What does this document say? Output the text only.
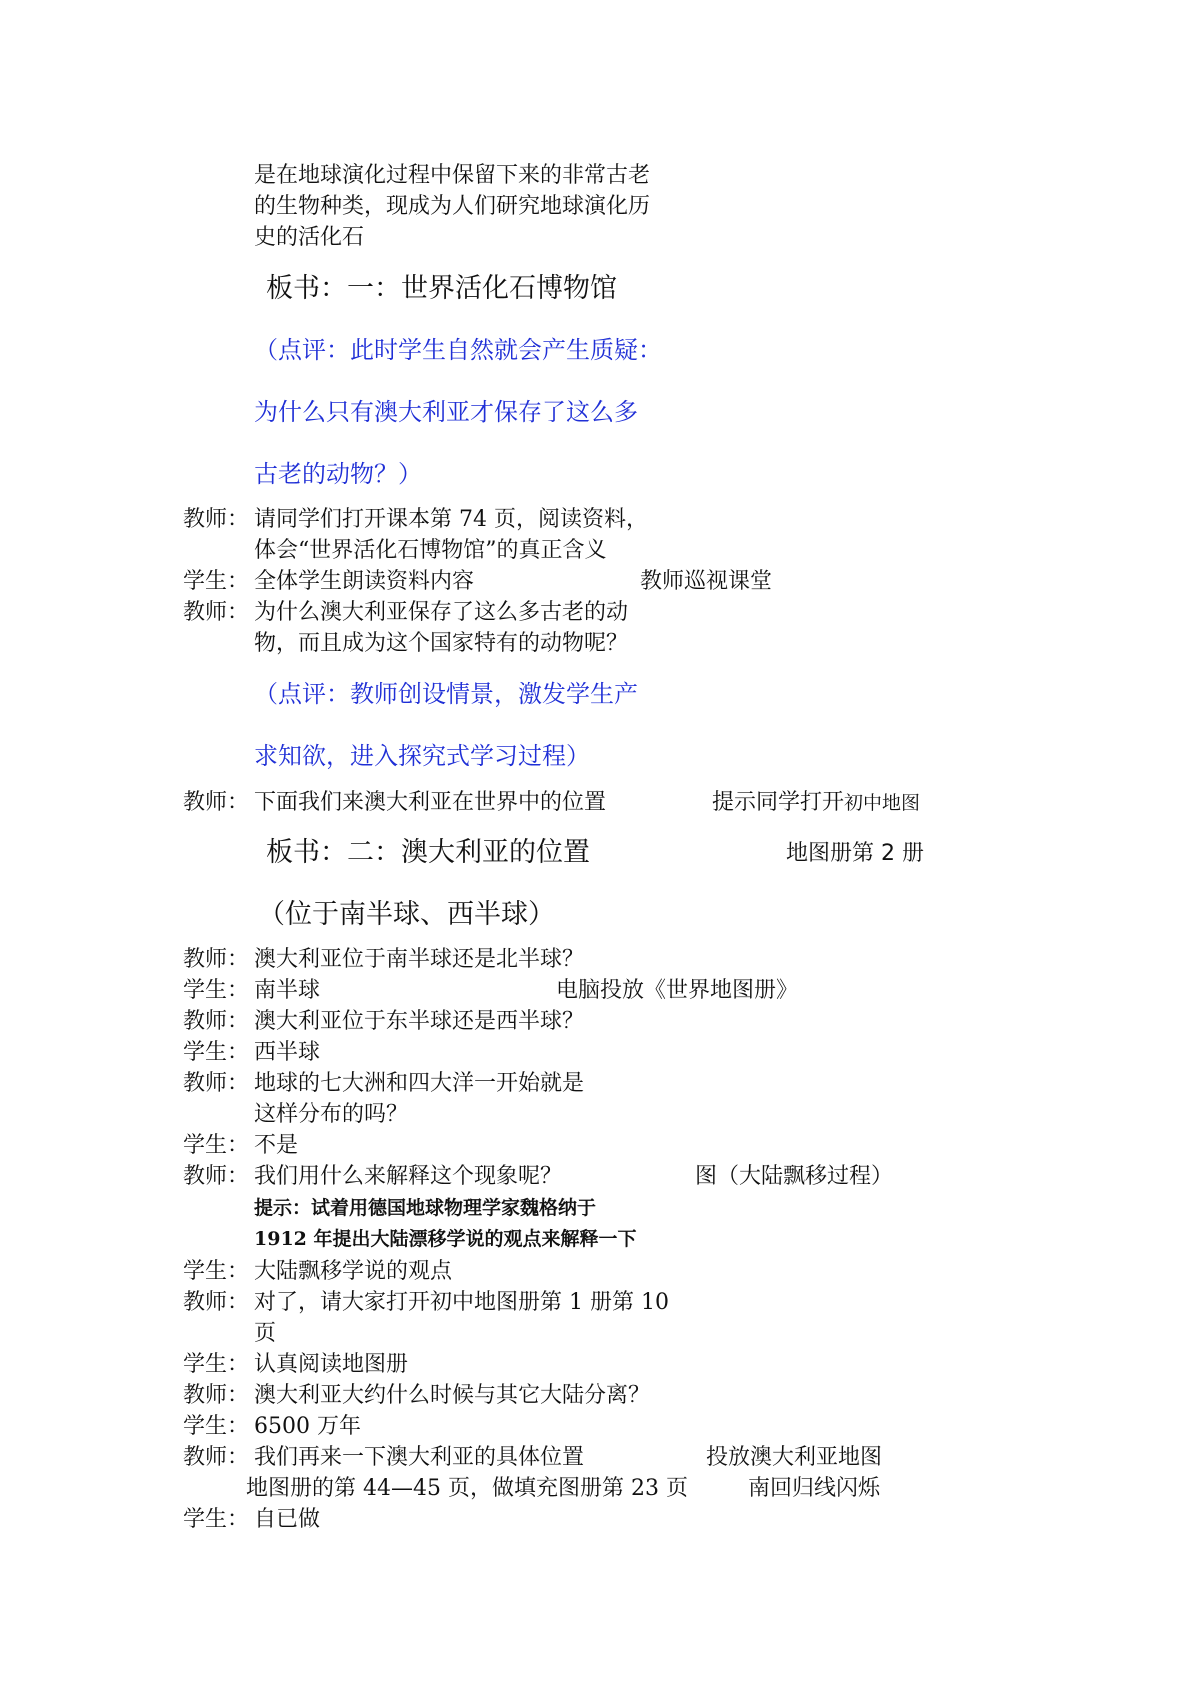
是在地球演化过程中保留下来的非常古老
的生物种类，现成为人们研究地球演化历
史的活化石
板书：一：世界活化石博物馆
（点评：此时学生自然就会产生质疑：
为什么只有澳大利亚才保存了这么多
古老的动物？）
教师： 请同学们打开课本第 74 页，阅读资料，
体会“世界活化石博物馆”的真正含义
学生： 全体学生朗读资料内容	教师巡视课堂
教师： 为什么澳大利亚保存了这么多古老的动
物，而且成为这个国家特有的动物呢？
（点评：教师创设情景，激发学生产
求知欲，进入探究式学习过程）
教师： 下面我们来澳大利亚在世界中的位置	提示同学打开初中地图
板书：二：澳大利亚的位置	地图册第 2 册
（位于南半球、西半球）
教师： 澳大利亚位于南半球还是北半球？
学生： 南半球	电脑投放《世界地图册》
教师： 澳大利亚位于东半球还是西半球？
学生： 西半球
教师： 地球的七大洲和四大洋一开始就是
这样分布的吗？
学生： 不是
教师： 我们用什么来解释这个现象呢？	图（大陆飘移过程）
提示：试着用德国地球物理学家魏格纳于
1912 年提出大陆漂移学说的观点来解释一下
学生： 大陆飘移学说的观点
教师： 对了，请大家打开初中地图册第 1 册第 10
页
学生： 认真阅读地图册
教师： 澳大利亚大约什么时候与其它大陆分离？
学生： 6500 万年
教师： 我们再来一下澳大利亚的具体位置	投放澳大利亚地图
地图册的第 44—45 页，做填充图册第 23 页	南回归线闪烁
学生： 自已做
